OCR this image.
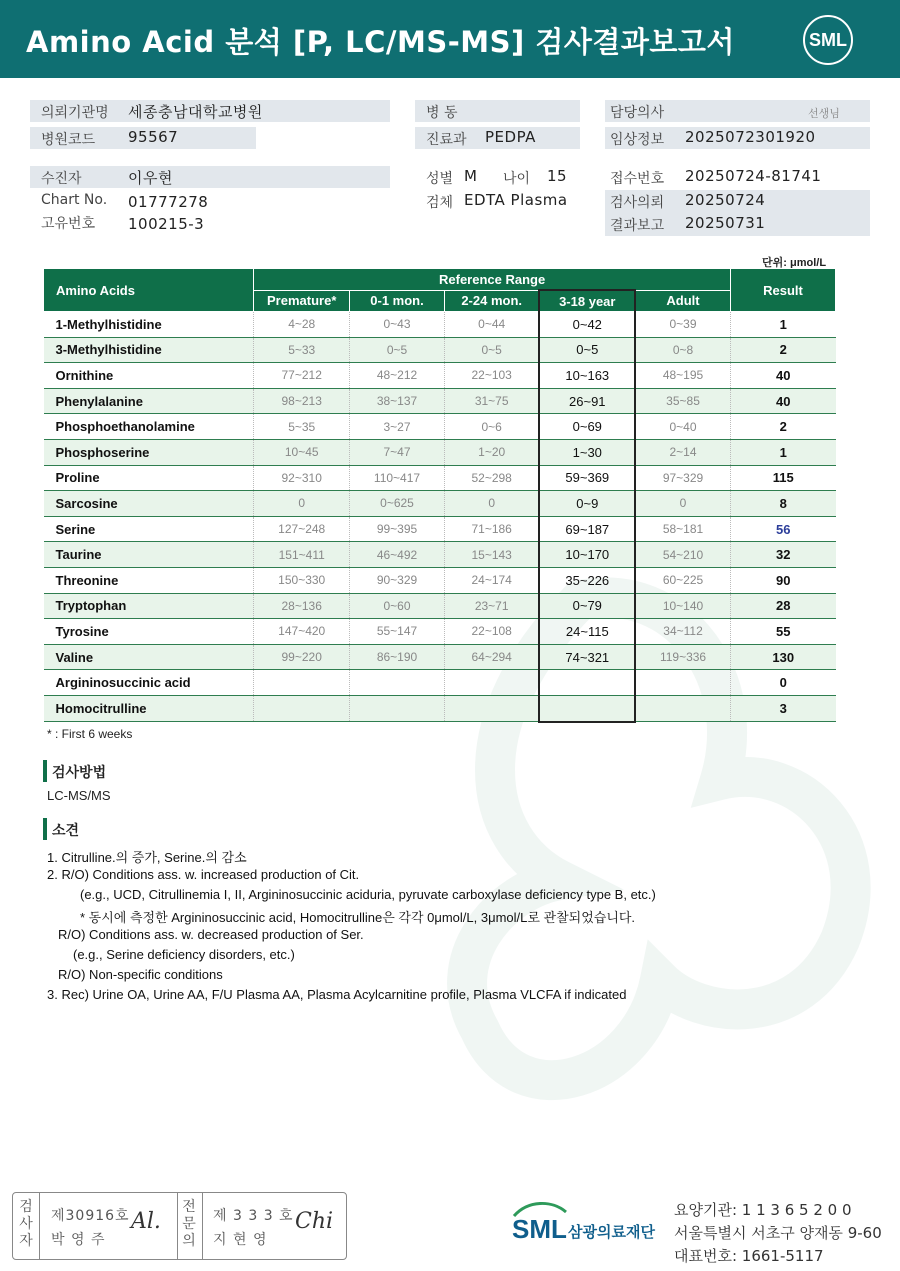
Amino Acid 분석 [P, LC/MS-MS] 검사결과보고서	SML
의뢰기관명 세종충남대학교병원
병원코드 95567
병 동
진료과 PEDPA
담당의사	선생님
임상정보 2025072301920
수진자	이우현
Chart No. 01777278
고유번호 100215-3
성별 M 나이 15
검체 EDTA Plasma
접수번호 20250724-81741
검사의뢰 20250724
결과보고 20250731
단위: μmol/L
Amino Acids	Reference Range					Result
	Premature*	0-1 mon.	2-24 mon.	3-18 year	Adult	
1-Methylhistidine	4~28	0~43	0~44	0~42	0~39	1
3-Methylhistidine	5~33	0~5	0~5	0~5	0~8	2
Ornithine	77~212	48~212	22~103	10~163	48~195	40
Phenylalanine	98~213	38~137	31~75	26~91	35~85	40
Phosphoethanolamine	5~35	3~27	0~6	0~69	0~40	2
Phosphoserine	10~45	7~47	1~20	1~30	2~14	1
Proline	92~310	110~417	52~298	59~369	97~329	115
Sarcosine	0	0~625	0	0~9	0	8
Serine	127~248	99~395	71~186	69~187	58~181	56
Taurine	151~411	46~492	15~143	10~170	54~210	32
Threonine	150~330	90~329	24~174	35~226	60~225	90
Tryptophan	28~136	0~60	23~71	0~79	10~140	28
Tyrosine	147~420	55~147	22~108	24~115	34~112	55
Valine	99~220	86~190	64~294	74~321	119~336	130
Argininosuccinic acid						0
Homocitrulline						3
* : First 6 weeks
검사방법
LC-MS/MS
소견
1. Citrulline.의 증가, Serine.의 감소
2. R/O) Conditions ass. w. increased production of Cit.
(e.g., UCD, Citrullinemia I, II, Argininosuccinic aciduria, pyruvate carboxylase deficiency type B, etc.)
* 동시에 측정한 Argininosuccinic acid, Homocitrulline은 각각 0μmol/L, 3μmol/L로 관찰되었습니다.
R/O) Conditions ass. w. decreased production of Ser.
(e.g., Serine deficiency disorders, etc.)
R/O) Non-specific conditions
3. Rec) Urine OA, Urine AA, F/U Plasma AA, Plasma Acylcarnitine profile, Plasma VLCFA if indicated
검
사
자
제30916호
박 영 주
Al.
전
문
의
제 3 3 3 호
지 현 영
Chi	SML 삼광의료재단
요양기관: 1 1 3 6 5 2 0 0
서울특별시 서초구 양재동 9-60
대표번호: 1661-5117
